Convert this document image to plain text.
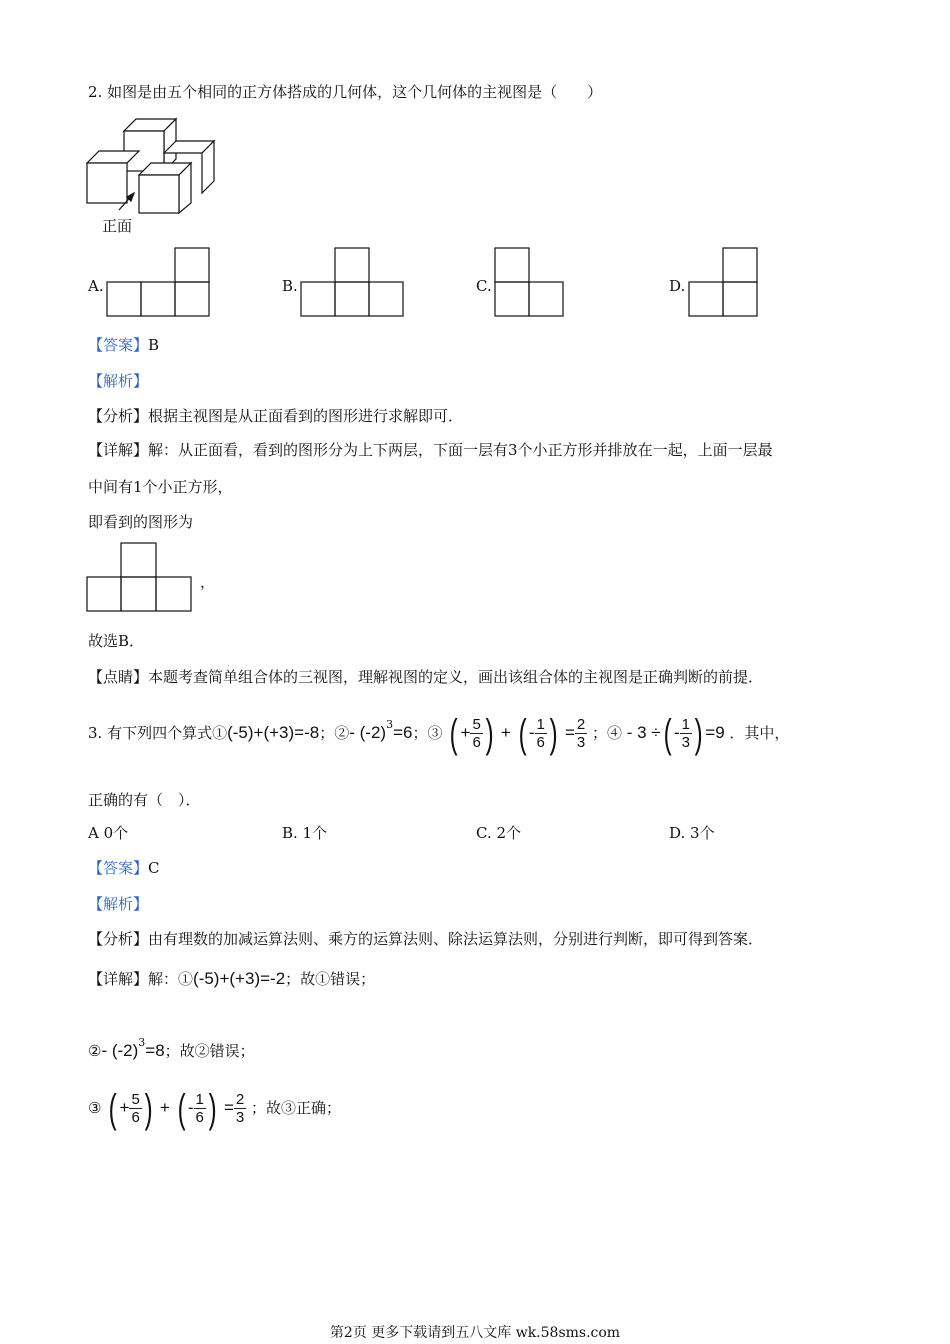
2. 如图是由五个相同的正方体搭成的几何体，这个几何体的主视图是（　　）
正面
A.	B.	C.	D.
【答案】B
【解析】
【分析】根据主视图是从正面看到的图形进行求解即可．
【详解】解：从正面看，看到的图形分为上下两层，下面一层有3个小正方形并排放在一起，上面一层最
中间有1个小正方形，
即看到的图形为
，
故选B．
【点睛】本题考查简单组合体的三视图，理解视图的定义，画出该组合体的主视图是正确判断的前提．
3. 有下列四个算式①(-5)+(+3)=-8；②- $(-2)^3=6$；③ ( + $\frac{5}{6}$ ) + ( - $\frac{1}{6}$ ) = $\frac{2}{3}$ ；④ - 3 ÷( - $\frac{1}{3}$ ) =9 ．其中，
正确的有（　）．
A 0个	B. 1个	C. 2个	D. 3个
【答案】C
【解析】
【分析】由有理数的加减运算法则、乘方的运算法则、除法运算法则，分别进行判断，即可得到答案．
【详解】解：①(-5)+(+3)=-2；故①错误；
②- $(-2)^3=8$；故②错误；
③ ( + $\frac{5}{6}$ ) + ( - $\frac{1}{6}$ ) = $\frac{2}{3}$ ；故③正确；
第2页 更多下载请到五八文库 wk.58sms.com
